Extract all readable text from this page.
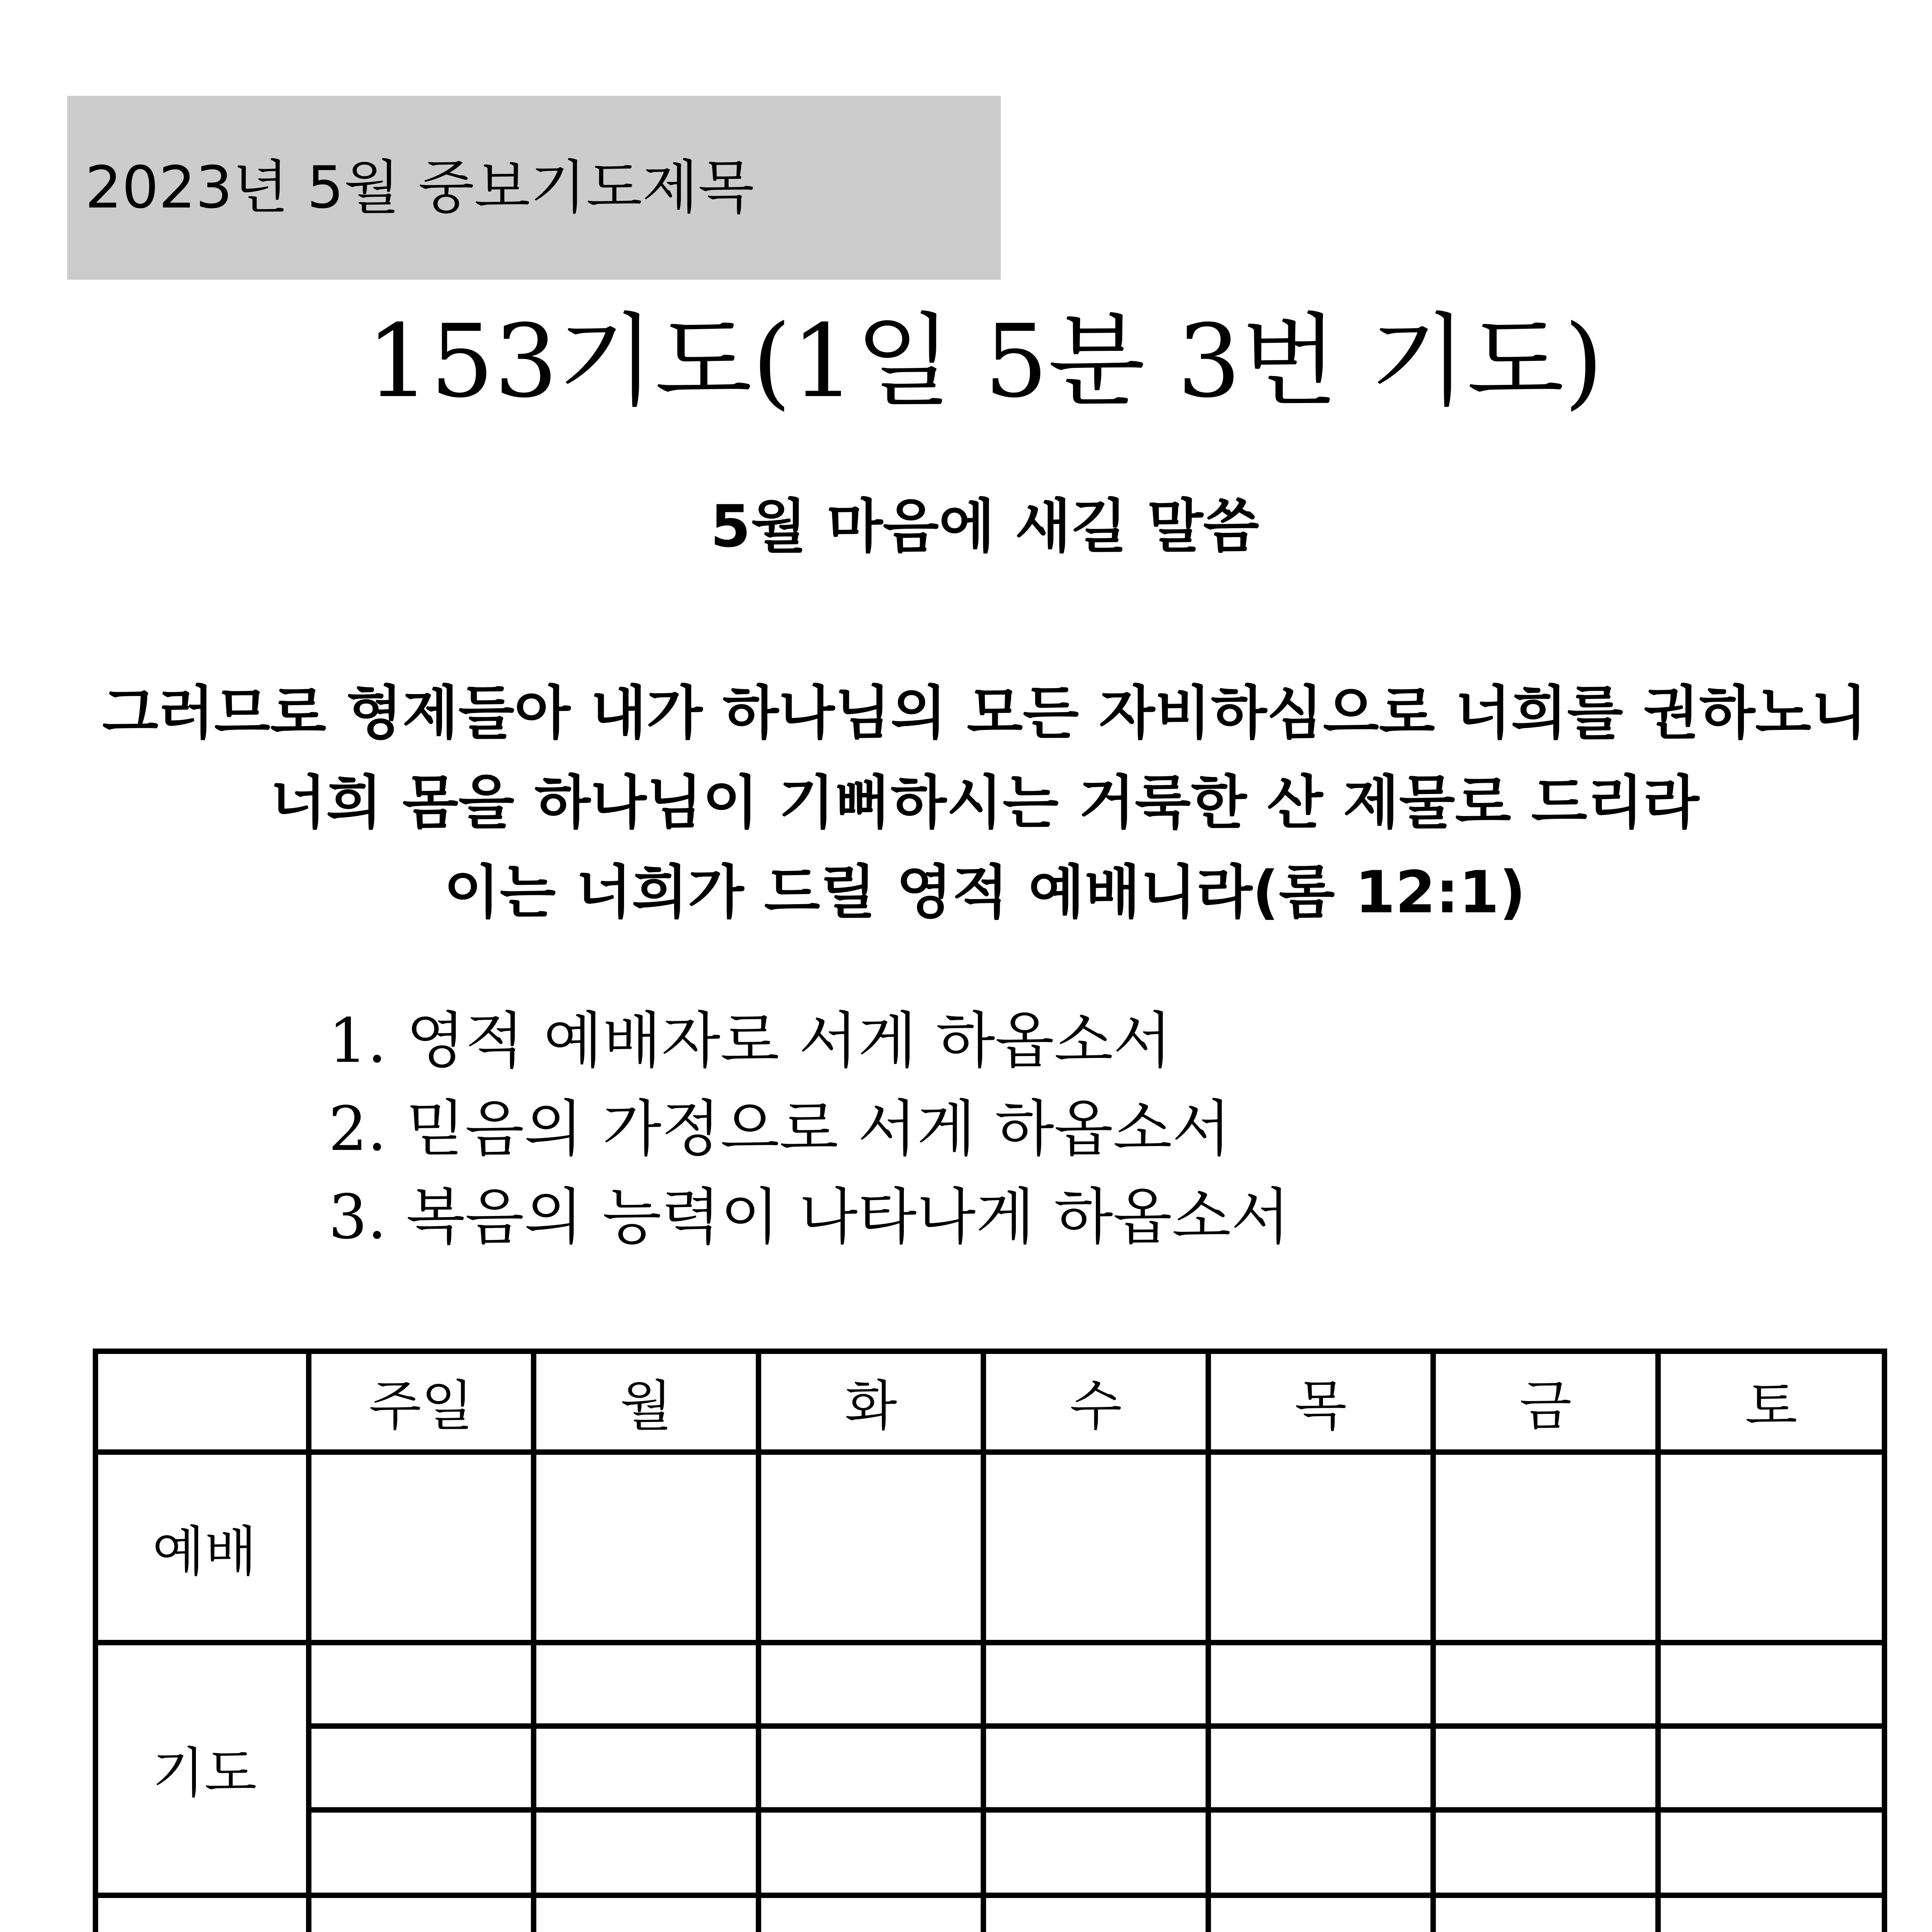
2023년 5월 중보기도제목
153기도(1일 5분 3번 기도)
5월 마음에 새길 말씀
그러므로 형제들아 내가 하나님의 모든 자비하심으로 너희를 권하노니
너희 몸을 하나님이 기뻐하시는 거룩한 산 제물로 드리라
이는 너희가 드릴 영적 예배니라(롬 12:1)
1. 영적 예배자로 서게 하옵소서
2. 믿음의 가정으로 서게 하옵소서
3. 복음의 능력이 나타나게 하옵소서
	주일	월	화	수	목	금	토
예배							
기도							
